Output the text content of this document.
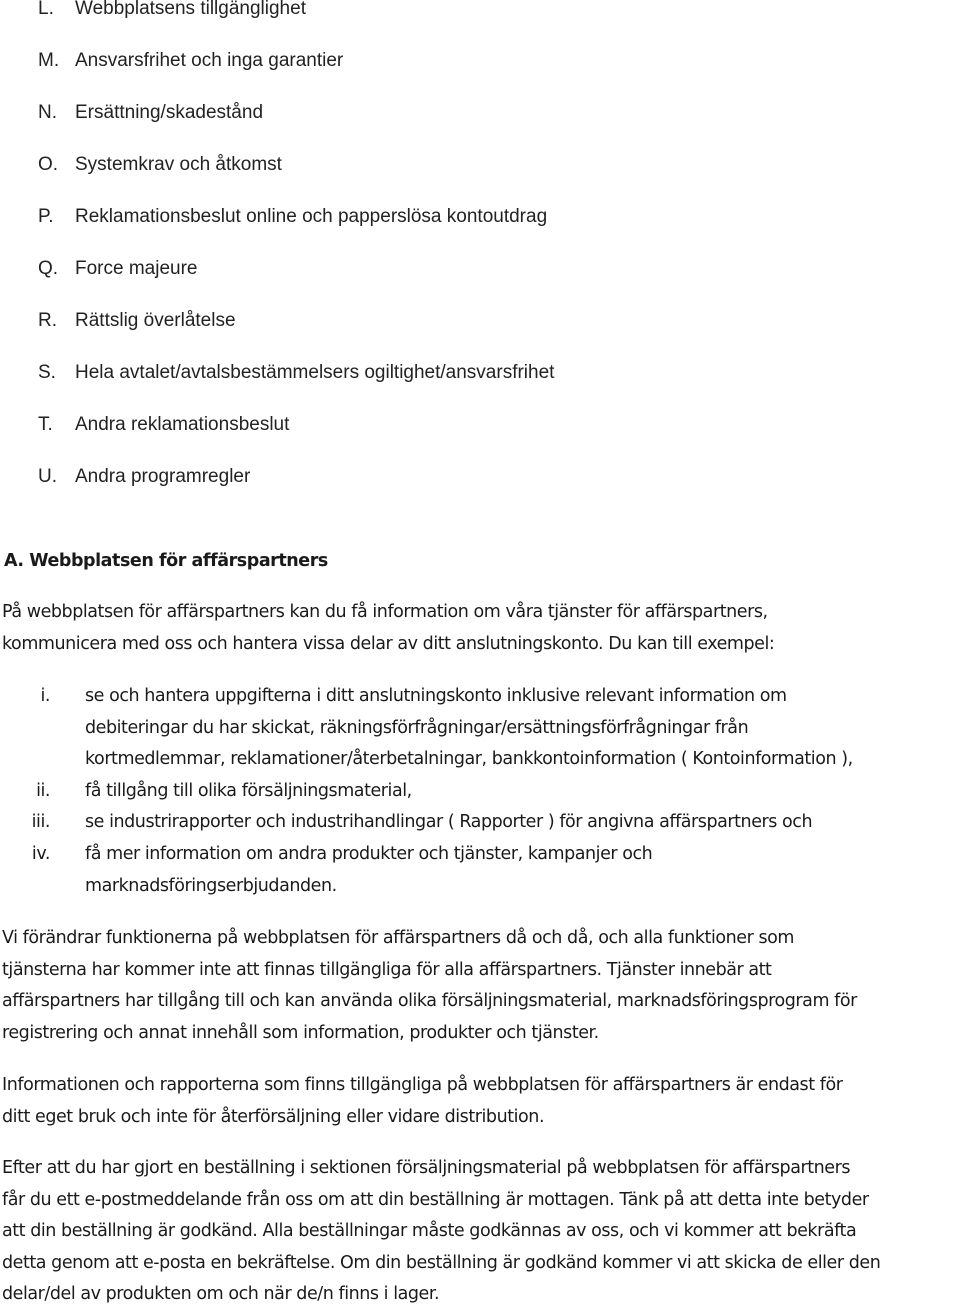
L. Webbplatsens tillgänglighet
M. Ansvarsfrihet och inga garantier
N. Ersättning/skadestånd
O. Systemkrav och åtkomst
P. Reklamationsbeslut online och papperslösa kontoutdrag
Q. Force majeure
R. Rättslig överlåtelse
S. Hela avtalet/avtalsbestämmelsers ogiltighet/ansvarsfrihet
T. Andra reklamationsbeslut
U. Andra programregler
A. Webbplatsen för affärspartners

På webbplatsen för affärspartners kan du få information om våra tjänster för affärspartners,
kommunicera med oss och hantera vissa delar av ditt anslutningskonto. Du kan till exempel:

i. se och hantera uppgifterna i ditt anslutningskonto inklusive relevant information om
debiteringar du har skickat, räkningsförfrågningar/ersättningsförfrågningar från
kortmedlemmar, reklamationer/återbetalningar, bankkontoinformation ( Kontoinformation ),
ii. få tillgång till olika försäljningsmaterial,
iii. se industrirapporter och industrihandlingar ( Rapporter ) för angivna affärspartners och
iv. få mer information om andra produkter och tjänster, kampanjer och
marknadsföringserbjudanden.

Vi förändrar funktionerna på webbplatsen för affärspartners då och då, och alla funktioner som
tjänsterna har kommer inte att finnas tillgängliga för alla affärspartners. Tjänster innebär att
affärspartners har tillgång till och kan använda olika försäljningsmaterial, marknadsföringsprogram för
registrering och annat innehåll som information, produkter och tjänster.

Informationen och rapporterna som finns tillgängliga på webbplatsen för affärspartners är endast för
ditt eget bruk och inte för återförsäljning eller vidare distribution.

Efter att du har gjort en beställning i sektionen försäljningsmaterial på webbplatsen för affärspartners
får du ett e-postmeddelande från oss om att din beställning är mottagen. Tänk på att detta inte betyder
att din beställning är godkänd. Alla beställningar måste godkännas av oss, och vi kommer att bekräfta
detta genom att e-posta en bekräftelse. Om din beställning är godkänd kommer vi att skicka de eller den
delar/del av produkten om och när de/n finns i lager.
